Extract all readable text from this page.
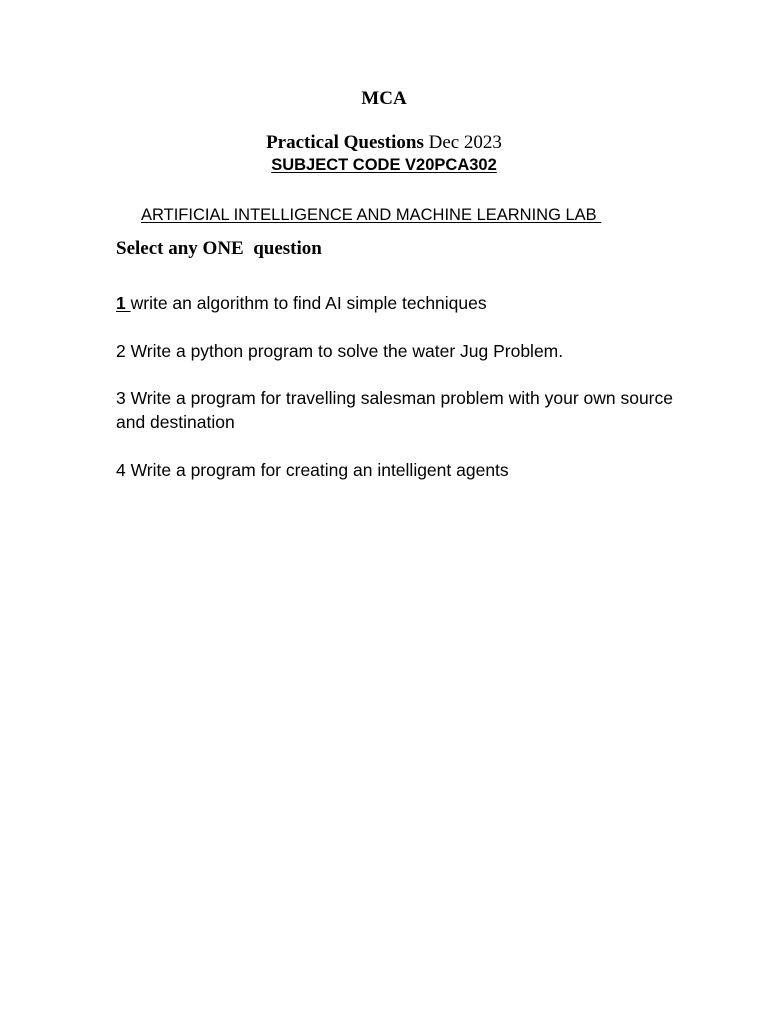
MCA
Practical Questions Dec 2023
SUBJECT CODE V20PCA302
ARTIFICIAL INTELLIGENCE AND MACHINE LEARNING LAB
Select any ONE  question
1 write an algorithm to find AI simple techniques
2 Write a python program to solve the water Jug Problem.
3 Write a program for travelling salesman problem with your own source and destination
4 Write a program for creating an intelligent agents
